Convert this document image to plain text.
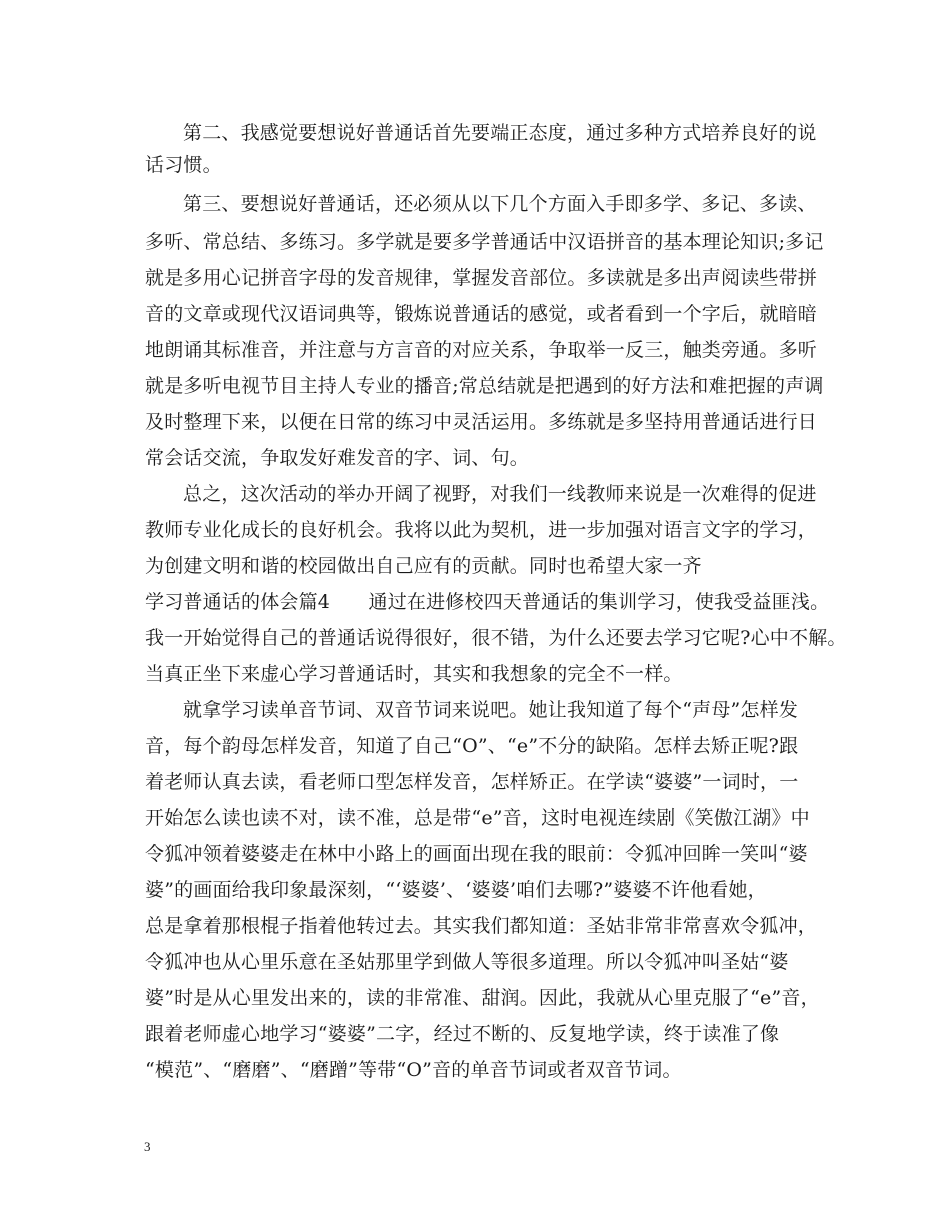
第二、我感觉要想说好普通话首先要端正态度，通过多种方式培养良好的说
话习惯。
第三、要想说好普通话，还必须从以下几个方面入手即多学、多记、多读、
多听、常总结、多练习。多学就是要多学普通话中汉语拼音的基本理论知识;多记
就是多用心记拼音字母的发音规律，掌握发音部位。多读就是多出声阅读些带拼
音的文章或现代汉语词典等，锻炼说普通话的感觉，或者看到一个字后，就暗暗
地朗诵其标准音，并注意与方言音的对应关系，争取举一反三，触类旁通。多听
就是多听电视节目主持人专业的播音;常总结就是把遇到的好方法和难把握的声调
及时整理下来，以便在日常的练习中灵活运用。多练就是多坚持用普通话进行日
常会话交流，争取发好难发音的字、词、句。
总之，这次活动的举办开阔了视野，对我们一线教师来说是一次难得的促进
教师专业化成长的良好机会。我将以此为契机，进一步加强对语言文字的学习，
为创建文明和谐的校园做出自己应有的贡献。同时也希望大家一齐
学习普通话的体会篇4　　通过在进修校四天普通话的集训学习，使我受益匪浅。
我一开始觉得自己的普通话说得很好，很不错，为什么还要去学习它呢?心中不解。
当真正坐下来虚心学习普通话时，其实和我想象的完全不一样。
就拿学习读单音节词、双音节词来说吧。她让我知道了每个“声母”怎样发
音，每个韵母怎样发音，知道了自己“O”、“e”不分的缺陷。怎样去矫正呢?跟
着老师认真去读，看老师口型怎样发音，怎样矫正。在学读“婆婆”一词时，一
开始怎么读也读不对，读不准，总是带“e”音，这时电视连续剧《笑傲江湖》中
令狐冲领着婆婆走在林中小路上的画面出现在我的眼前：令狐冲回眸一笑叫“婆
婆”的画面给我印象最深刻，“‘婆婆’、‘婆婆’咱们去哪?”婆婆不许他看她，
总是拿着那根棍子指着他转过去。其实我们都知道：圣姑非常非常喜欢令狐冲，
令狐冲也从心里乐意在圣姑那里学到做人等很多道理。所以令狐冲叫圣姑“婆
婆”时是从心里发出来的，读的非常准、甜润。因此，我就从心里克服了“e”音，
跟着老师虚心地学习“婆婆”二字，经过不断的、反复地学读，终于读准了像
“模范”、“磨磨”、“磨蹭”等带“O”音的单音节词或者双音节词。
3
